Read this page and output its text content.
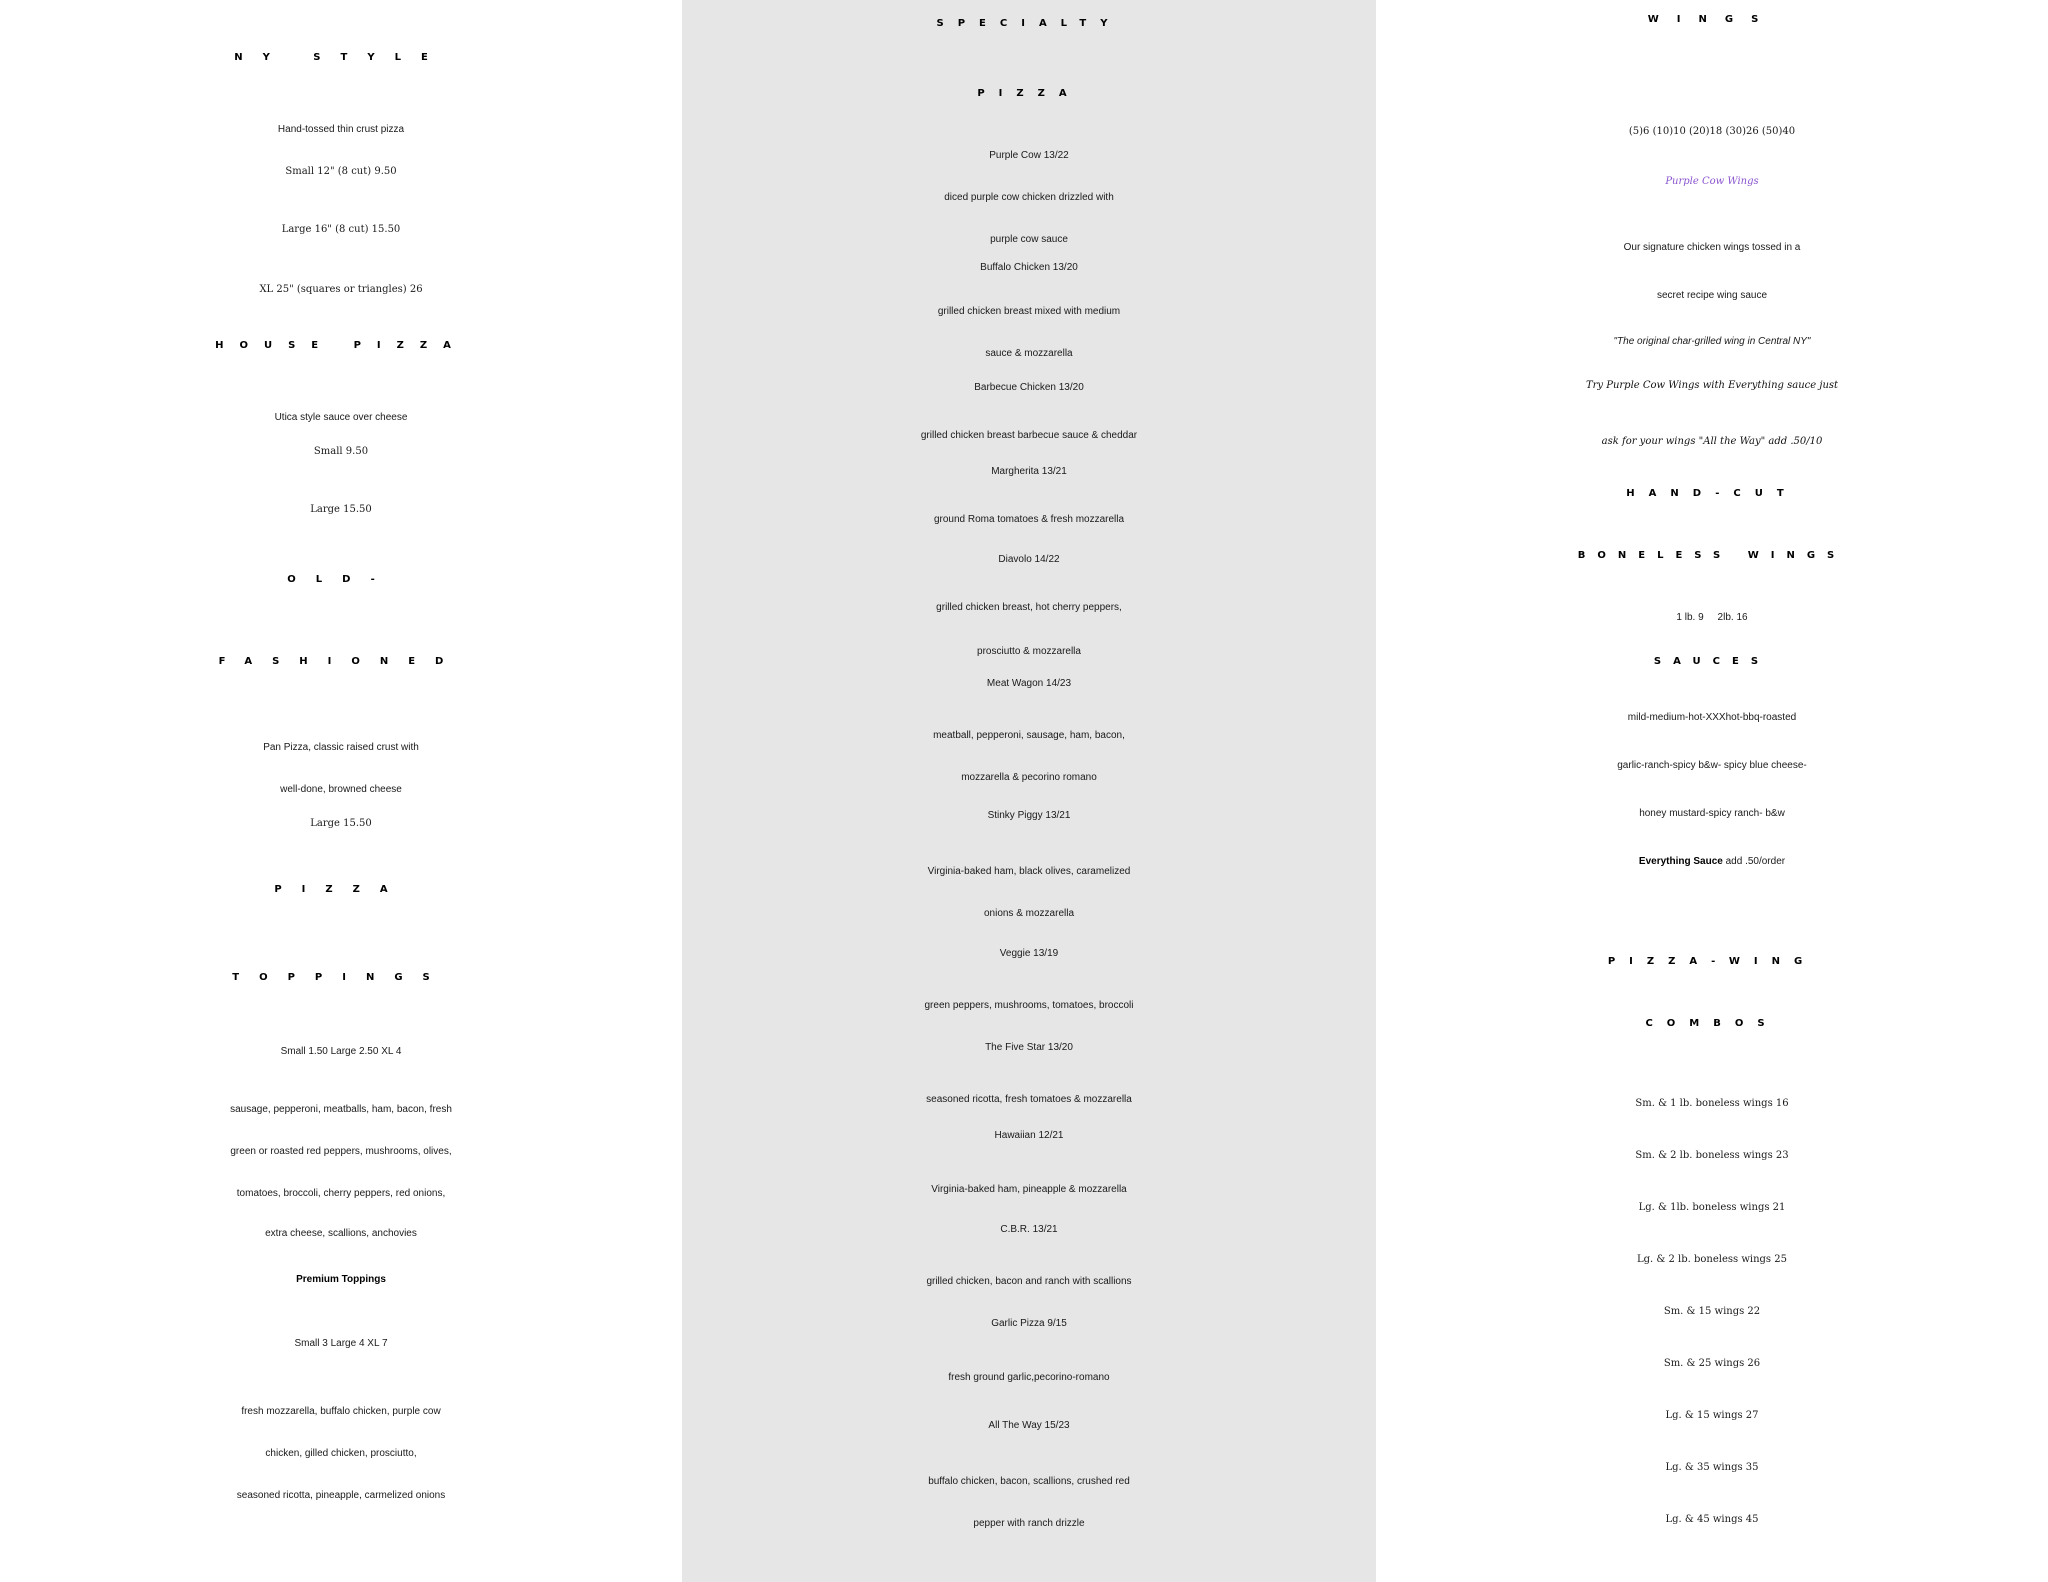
NY STYLE
Hand-tossed thin crust pizza
Small 12" (8 cut) 9.50
Large 16" (8 cut) 15.50
XL 25" (squares or triangles) 26
HOUSE PIZZA
Utica style sauce over cheese
Small 9.50
Large 15.50
OLD-
FASHIONED
Pan Pizza, classic raised crust with
well-done, browned cheese
Large 15.50
PIZZA
TOPPINGS
Small 1.50 Large 2.50 XL 4
sausage, pepperoni, meatballs, ham, bacon, fresh
green or roasted red peppers, mushrooms, olives,
tomatoes, broccoli, cherry peppers, red onions,
extra cheese, scallions, anchovies
Premium Toppings
Small 3 Large 4 XL 7
fresh mozzarella, buffalo chicken, purple cow
chicken, gilled chicken, prosciutto,
seasoned ricotta, pineapple, carmelized onions
SPECIALTY
PIZZA
Purple Cow 13/22
diced purple cow chicken drizzled with
purple cow sauce
Buffalo Chicken 13/20
grilled chicken breast mixed with medium
sauce & mozzarella
Barbecue Chicken 13/20
grilled chicken breast barbecue sauce & cheddar
Margherita 13/21
ground Roma tomatoes & fresh mozzarella
Diavolo 14/22
grilled chicken breast, hot cherry peppers,
prosciutto & mozzarella
Meat Wagon 14/23
meatball, pepperoni, sausage, ham, bacon,
mozzarella & pecorino romano
Stinky Piggy 13/21
Virginia-baked ham, black olives, caramelized
onions & mozzarella
Veggie 13/19
green peppers, mushrooms, tomatoes, broccoli
The Five Star 13/20
seasoned ricotta, fresh tomatoes & mozzarella
Hawaiian 12/21
Virginia-baked ham, pineapple & mozzarella
C.B.R. 13/21
grilled chicken, bacon and ranch with scallions
Garlic Pizza 9/15
fresh ground garlic,pecorino-romano
All The Way 15/23
buffalo chicken, bacon, scallions, crushed red
pepper with ranch drizzle
WINGS
(5)6 (10)10 (20)18 (30)26 (50)40
Purple Cow Wings
Our signature chicken wings tossed in a
secret recipe wing sauce
"The original char-grilled wing in Central NY"
Try Purple Cow Wings with Everything sauce just
ask for your wings "All the Way" add .50/10
HAND-CUT
BONELESS WINGS
1 lb. 9     2lb. 16
SAUCES
mild-medium-hot-XXXhot-bbq-roasted
garlic-ranch-spicy b&w- spicy blue cheese-
honey mustard-spicy ranch- b&w
Everything Sauce add .50/order
PIZZA-WING
COMBOS
Sm. & 1 lb. boneless wings 16
Sm. & 2 lb. boneless wings 23
Lg. & 1lb. boneless wings 21
Lg. & 2 lb. boneless wings 25
Sm. & 15 wings 22
Sm. & 25 wings 26
Lg. & 15 wings 27
Lg. & 35 wings 35
Lg. & 45 wings 45
